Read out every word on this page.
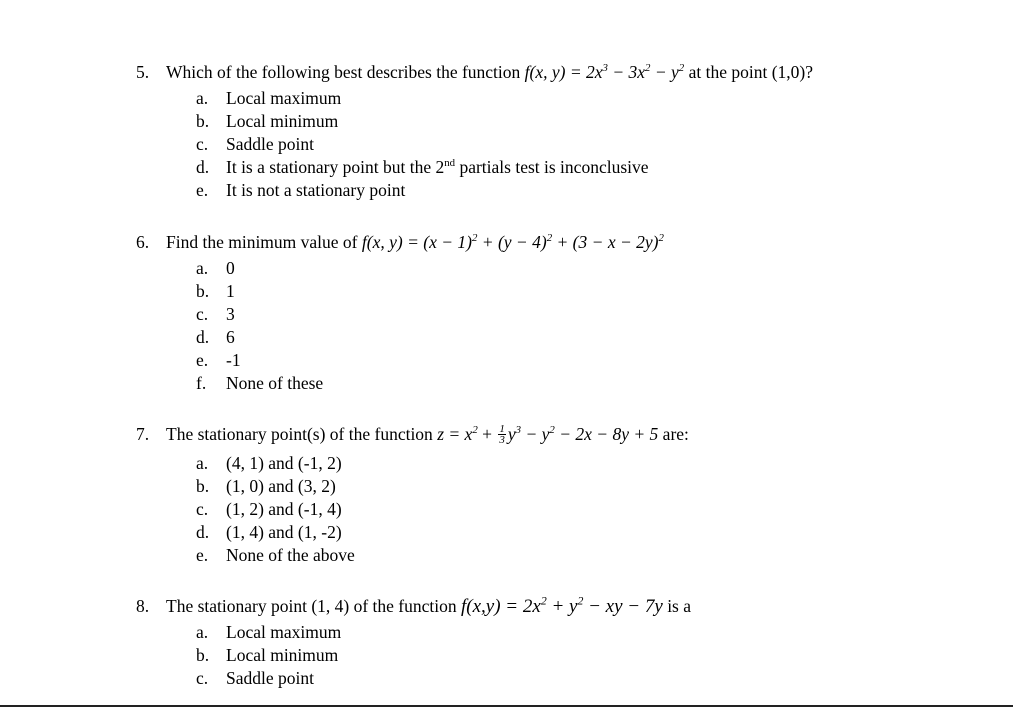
5. Which of the following best describes the function f(x, $y) = 2x^3 - 3x^2 - y^2$ at the point (1,0)?

a. Local maximum
b. Local minimum
c. Saddle point
d. It is a stationary point but the 2nd partials test is inconclusive
e. It is not a stationary point

6. Find the minimum value of f(x, $y) = (x - 1)^2 + (y - 4)^2 + (3 - x - 2y)^2$

a. 0
b. 1
c. 3
d. 6
e. -1
f. None of these

7. The stationary point(s) of the function $z = x^2 + \frac{1}{3} y^3 - y^2 - 2x - 8y + 5$ are:

a. (4, 1) and (-1, 2)
b. (1, 0) and (3, 2)
c. (1, 2) and (-1, 4)
d. (1, 4) and (1, -2)
e. None of the above

8. The stationary point (1, 4) of the function $f(x,y) = 2x^2 + y^2$ − xy − 7y is a

a. Local maximum
b. Local minimum
c. Saddle point
